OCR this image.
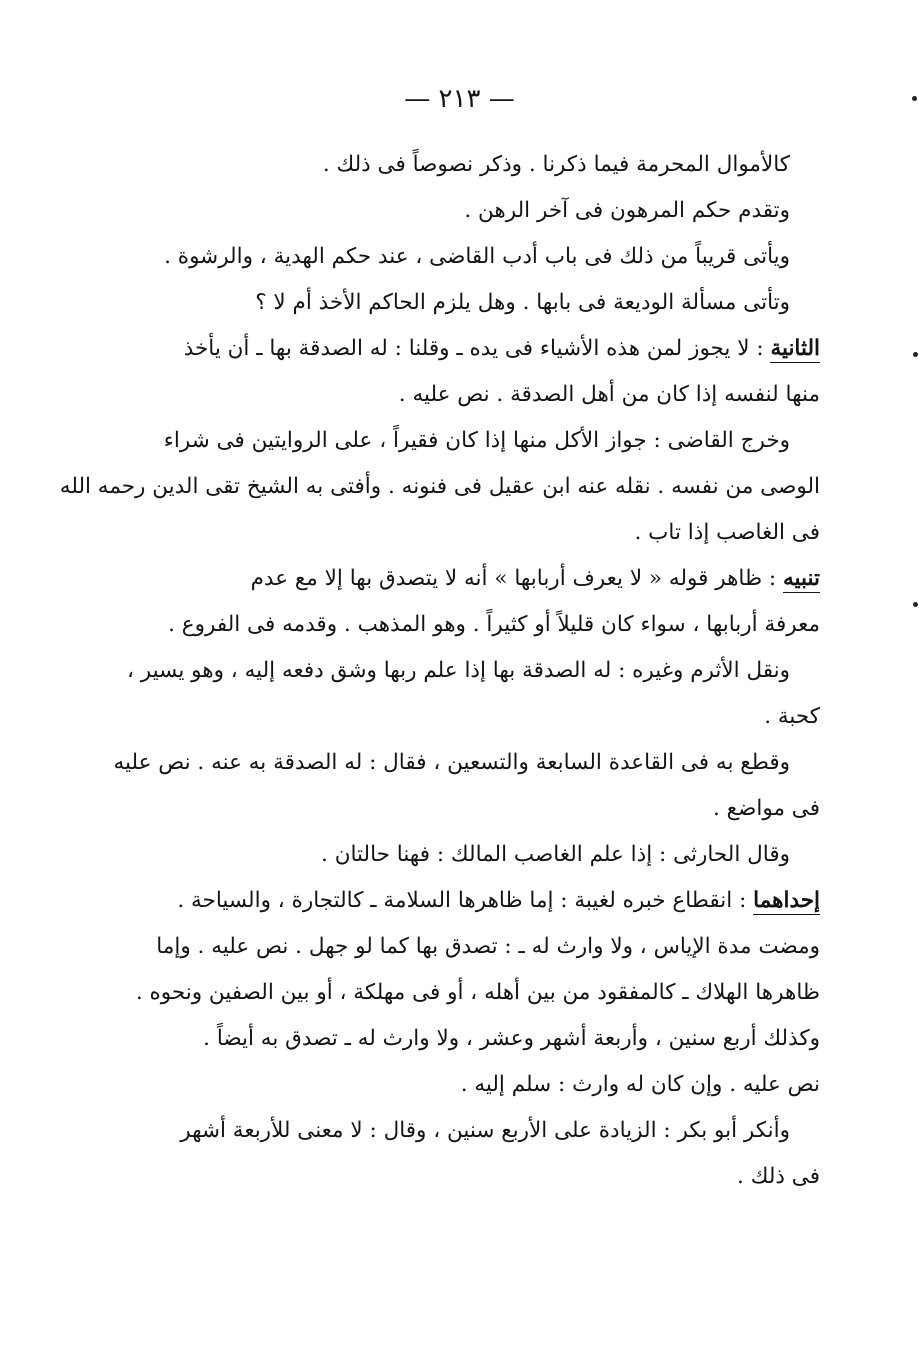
— ٢١٣ —
كالأموال المحرمة فيما ذكرنا . وذكر نصوصاً فى ذلك .
وتقدم حكم المرهون فى آخر الرهن .
ويأتى قريباً من ذلك فى باب أدب القاضى ، عند حكم الهدية ، والرشوة .
وتأتى مسألة الوديعة فى بابها . وهل يلزم الحاكم الأخذ أم لا ؟
الثانية : لا يجوز لمن هذه الأشياء فى يده ـ وقلنا : له الصدقة بها ـ أن يأخذ
منها لنفسه إذا كان من أهل الصدقة . نص عليه .
وخرج القاضى : جواز الأكل منها إذا كان فقيراً ، على الروايتين فى شراء
الوصى من نفسه . نقله عنه ابن عقيل فى فنونه . وأفتى به الشيخ تقى الدين رحمه الله
فى الغاصب إذا تاب .
تنبيه : ظاهر قوله « لا يعرف أربابها » أنه لا يتصدق بها إلا مع عدم
معرفة أربابها ، سواء كان قليلاً أو كثيراً . وهو المذهب . وقدمه فى الفروع .
ونقل الأثرم وغيره : له الصدقة بها إذا علم ربها وشق دفعه إليه ، وهو يسير ،
كحبة .
وقطع به فى القاعدة السابعة والتسعين ، فقال : له الصدقة به عنه . نص عليه
فى مواضع .
وقال الحارثى : إذا علم الغاصب المالك : فهنا حالتان .
إحداهما : انقطاع خبره لغيبة : إما ظاهرها السلامة ـ كالتجارة ، والسياحة .
ومضت مدة الإياس ، ولا وارث له ـ : تصدق بها كما لو جهل . نص عليه . وإما
ظاهرها الهلاك ـ كالمفقود من بين أهله ، أو فى مهلكة ، أو بين الصفين ونحوه .
وكذلك أربع سنين ، وأربعة أشهر وعشر ، ولا وارث له ـ تصدق به أيضاً .
نص عليه . وإن كان له وارث : سلم إليه .
وأنكر أبو بكر : الزيادة على الأربع سنين ، وقال : لا معنى للأربعة أشهر
فى ذلك .
